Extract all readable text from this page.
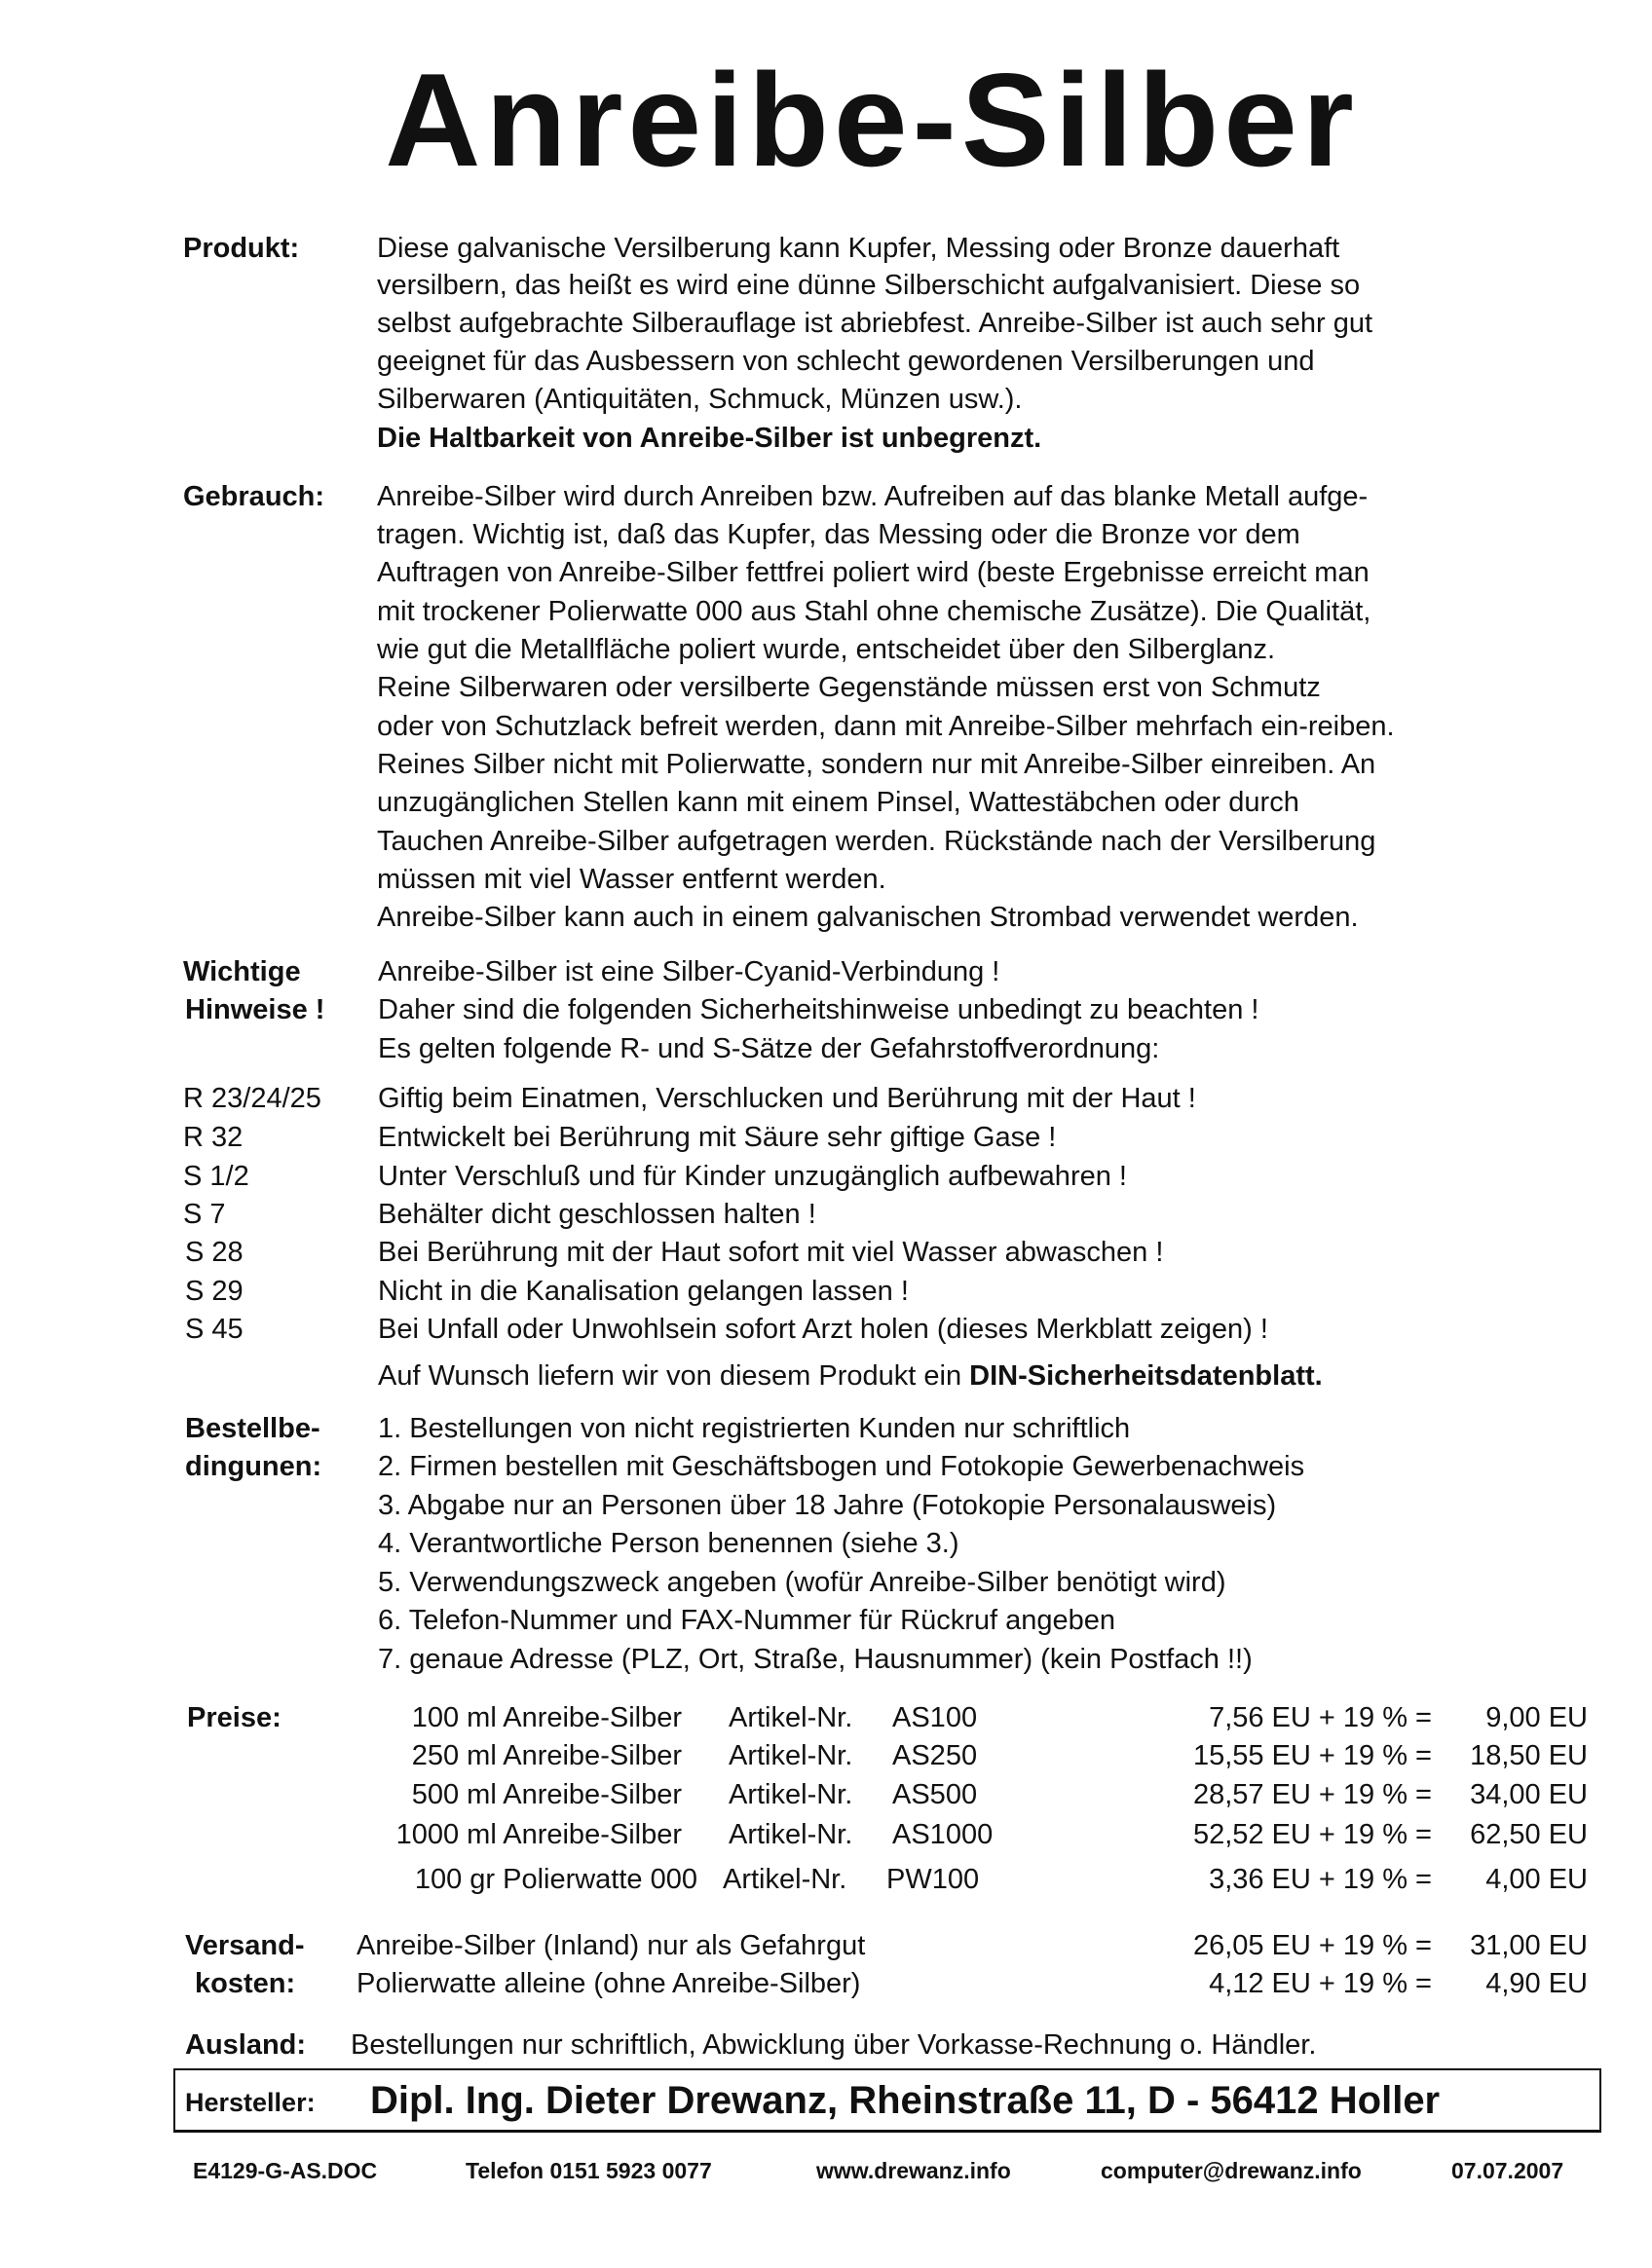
Anreibe-Silber
Produkt:	Diese galvanische Versilberung kann Kupfer, Messing oder Bronze dauerhaft
versilbern, das heißt es wird eine dünne Silberschicht aufgalvanisiert. Diese so
selbst aufgebrachte Silberauflage ist abriebfest. Anreibe-Silber ist auch sehr gut
geeignet für das Ausbessern von schlecht gewordenen Versilberungen und
Silberwaren (Antiquitäten, Schmuck, Münzen usw.).
Die Haltbarkeit von Anreibe-Silber ist unbegrenzt.
Gebrauch: Anreibe-Silber wird durch Anreiben bzw. Aufreiben auf das blanke Metall aufge-
tragen. Wichtig ist, daß das Kupfer, das Messing oder die Bronze vor dem
Auftragen von Anreibe-Silber fettfrei poliert wird (beste Ergebnisse erreicht man
mit trockener Polierwatte 000 aus Stahl ohne chemische Zusätze). Die Qualität,
wie gut die Metallfläche poliert wurde, entscheidet über den Silberglanz.
Reine Silberwaren oder versilberte Gegenstände müssen erst von Schmutz
oder von Schutzlack befreit werden, dann mit Anreibe-Silber mehrfach ein-reiben.
Reines Silber nicht mit Polierwatte, sondern nur mit Anreibe-Silber einreiben. An
unzugänglichen Stellen kann mit einem Pinsel, Wattestäbchen oder durch
Tauchen Anreibe-Silber aufgetragen werden. Rückstände nach der Versilberung
müssen mit viel Wasser entfernt werden.
Anreibe-Silber kann auch in einem galvanischen Strombad verwendet werden.
Wichtige
Hinweise !
Anreibe-Silber ist eine Silber-Cyanid-Verbindung !
Daher sind die folgenden Sicherheitshinweise unbedingt zu beachten !
Es gelten folgende R- und S-Sätze der Gefahrstoffverordnung:
R 23/24/25 Giftig beim Einatmen, Verschlucken und Berührung mit der Haut !
R 32	Entwickelt bei Berührung mit Säure sehr giftige Gase !
S 1/2	Unter Verschluß und für Kinder unzugänglich aufbewahren !
S 7	Behälter dicht geschlossen halten !
S 28	Bei Berührung mit der Haut sofort mit viel Wasser abwaschen !
S 29	Nicht in die Kanalisation gelangen lassen !
S 45	Bei Unfall oder Unwohlsein sofort Arzt holen (dieses Merkblatt zeigen) !
Auf Wunsch liefern wir von diesem Produkt ein DIN-Sicherheitsdatenblatt.
Bestellbe-
dingunen:
1. Bestellungen von nicht registrierten Kunden nur schriftlich
2. Firmen bestellen mit Geschäftsbogen und Fotokopie Gewerbenachweis
3. Abgabe nur an Personen über 18 Jahre (Fotokopie Personalausweis)
4. Verantwortliche Person benennen (siehe 3.)
5. Verwendungszweck angeben (wofür Anreibe-Silber benötigt wird)
6. Telefon-Nummer und FAX-Nummer für Rückruf angeben
7. genaue Adresse (PLZ, Ort, Straße, Hausnummer) (kein Postfach !!)
Preise:	100 ml Anreibe-Silber Artikel-Nr. AS100	7,56 EU + 19 % = 9,00 EU
250 ml Anreibe-Silber Artikel-Nr. AS250	15,55 EU + 19 % = 18,50 EU
500 ml Anreibe-Silber Artikel-Nr. AS500	28,57 EU + 19 % = 34,00 EU
1000 ml Anreibe-Silber Artikel-Nr. AS1000	52,52 EU + 19 % = 62,50 EU
100 gr Polierwatte 000 Artikel-Nr. PW100	3,36 EU + 19 % = 4,00 EU
Versand-
kosten:
Anreibe-Silber (Inland) nur als Gefahrgut	26,05 EU + 19 % = 31,00 EU
Polierwatte alleine (ohne Anreibe-Silber)	4,12 EU + 19 % = 4,90 EU
Ausland: Bestellungen nur schriftlich, Abwicklung über Vorkasse-Rechnung o. Händler.
Hersteller: Dipl. Ing. Dieter Drewanz, Rheinstraße 11, D - 56412 Holler
E4129-G-AS.DOC	Telefon 0151 5923 0077	www.drewanz.info	computer@drewanz.info	07.07.2007
